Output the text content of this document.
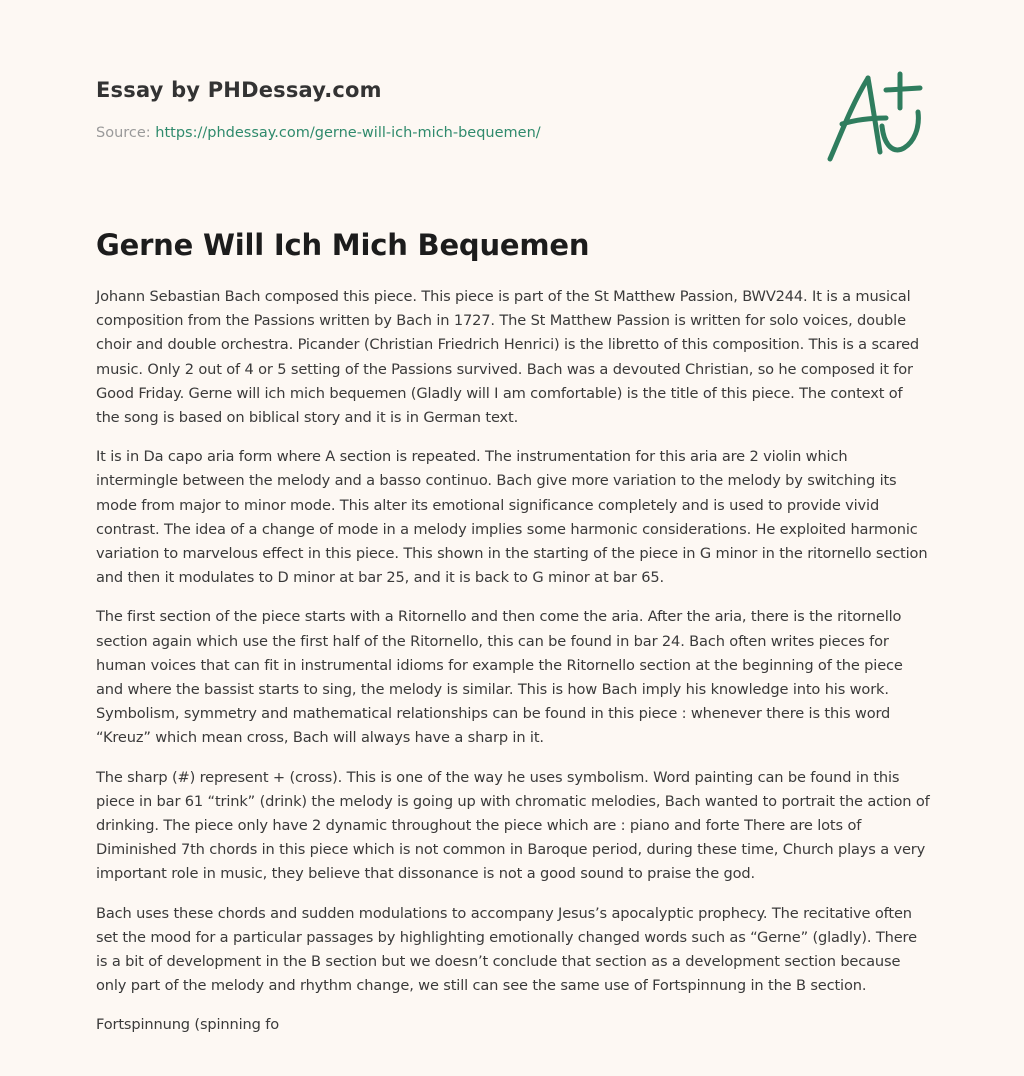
Essay by PHDessay.com
Source: https://phdessay.com/gerne-will-ich-mich-bequemen/
Gerne Will Ich Mich Bequemen

Johann Sebastian Bach composed this piece. This piece is part of the St Matthew Passion, BWV244. It is a musical composition from the Passions written by Bach in 1727. The St Matthew Passion is written for solo voices, double choir and double orchestra. Picander (Christian Friedrich Henrici) is the libretto of this composition. This is a scared music. Only 2 out of 4 or 5 setting of the Passions survived. Bach was a devouted Christian, so he composed it for Good Friday. Gerne will ich mich bequemen (Gladly will I am comfortable) is the title of this piece. The context of the song is based on biblical story and it is in German text.

It is in Da capo aria form where A section is repeated. The instrumentation for this aria are 2 violin which intermingle between the melody and a basso continuo. Bach give more variation to the melody by switching its mode from major to minor mode. This alter its emotional significance completely and is used to provide vivid contrast. The idea of a change of mode in a melody implies some harmonic considerations. He exploited harmonic variation to marvelous effect in this piece. This shown in the starting of the piece in G minor in the ritornello section and then it modulates to D minor at bar 25, and it is back to G minor at bar 65.

The first section of the piece starts with a Ritornello and then come the aria. After the aria, there is the ritornello section again which use the first half of the Ritornello, this can be found in bar 24. Bach often writes pieces for human voices that can fit in instrumental idioms for example the Ritornello section at the beginning of the piece and where the bassist starts to sing, the melody is similar. This is how Bach imply his knowledge into his work. Symbolism, symmetry and mathematical relationships can be found in this piece : whenever there is this word “Kreuz” which mean cross, Bach will always have a sharp in it.

The sharp (#) represent + (cross). This is one of the way he uses symbolism. Word painting can be found in this piece in bar 61 “trink” (drink) the melody is going up with chromatic melodies, Bach wanted to portrait the action of drinking. The piece only have 2 dynamic throughout the piece which are : piano and forte There are lots of Diminished 7th chords in this piece which is not common in Baroque period, during these time, Church plays a very important role in music, they believe that dissonance is not a good sound to praise the god.

Bach uses these chords and sudden modulations to accompany Jesus’s apocalyptic prophecy. The recitative often set the mood for a particular passages by highlighting emotionally changed words such as “Gerne” (gladly). There is a bit of development in the B section but we doesn’t conclude that section as a development section because only part of the melody and rhythm change, we still can see the same use of Fortspinnung in the B section.

Fortspinnung (spinning fo
